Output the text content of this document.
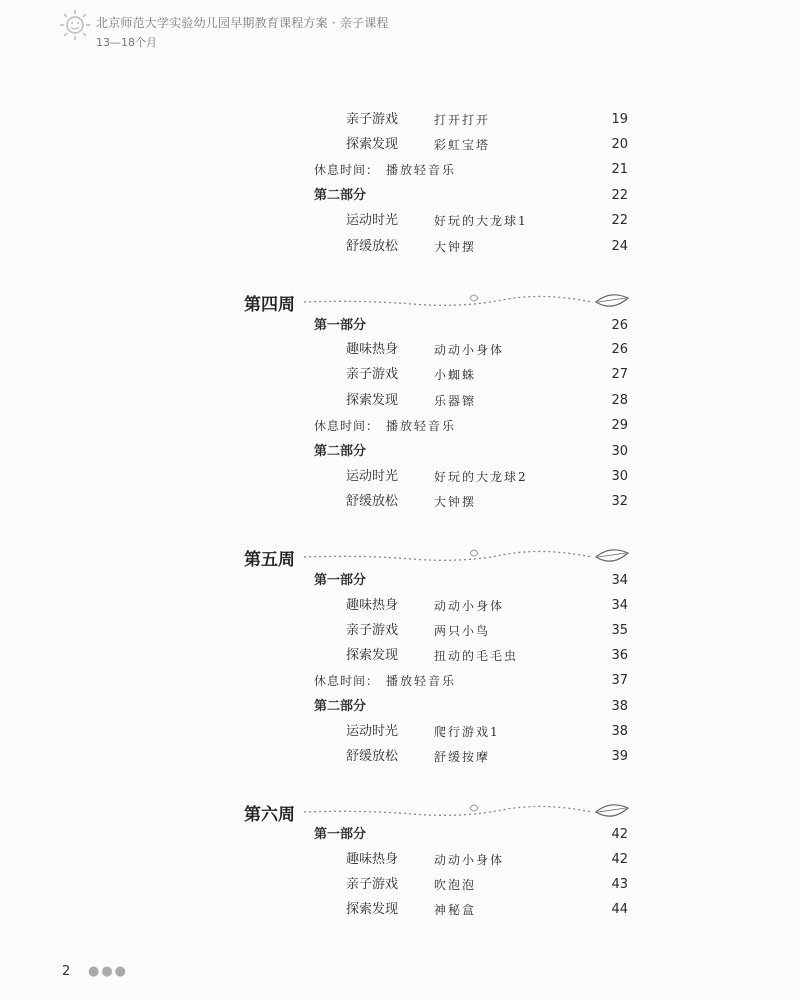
北京师范大学实验幼儿园早期教育课程方案 · 亲子课程
13—18个月
亲子游戏	打开打开	19
探索发现	彩虹宝塔	20
休息时间： 播放轻音乐	21
第二部分	22
运动时光	好玩的大龙球1	22
舒缓放松	大钟摆	24
第四周
第一部分	26
趣味热身	动动小身体	26
亲子游戏	小蜘蛛	27
探索发现	乐器镲	28
休息时间： 播放轻音乐	29
第二部分	30
运动时光	好玩的大龙球2	30
舒缓放松	大钟摆	32
第五周
第一部分	34
趣味热身	动动小身体	34
亲子游戏	两只小鸟	35
探索发现	扭动的毛毛虫	36
休息时间： 播放轻音乐	37
第二部分	38
运动时光	爬行游戏1	38
舒缓放松	舒缓按摩	39
第六周
第一部分	42
趣味热身	动动小身体	42
亲子游戏	吹泡泡	43
探索发现	神秘盒	44
2 ●●●
